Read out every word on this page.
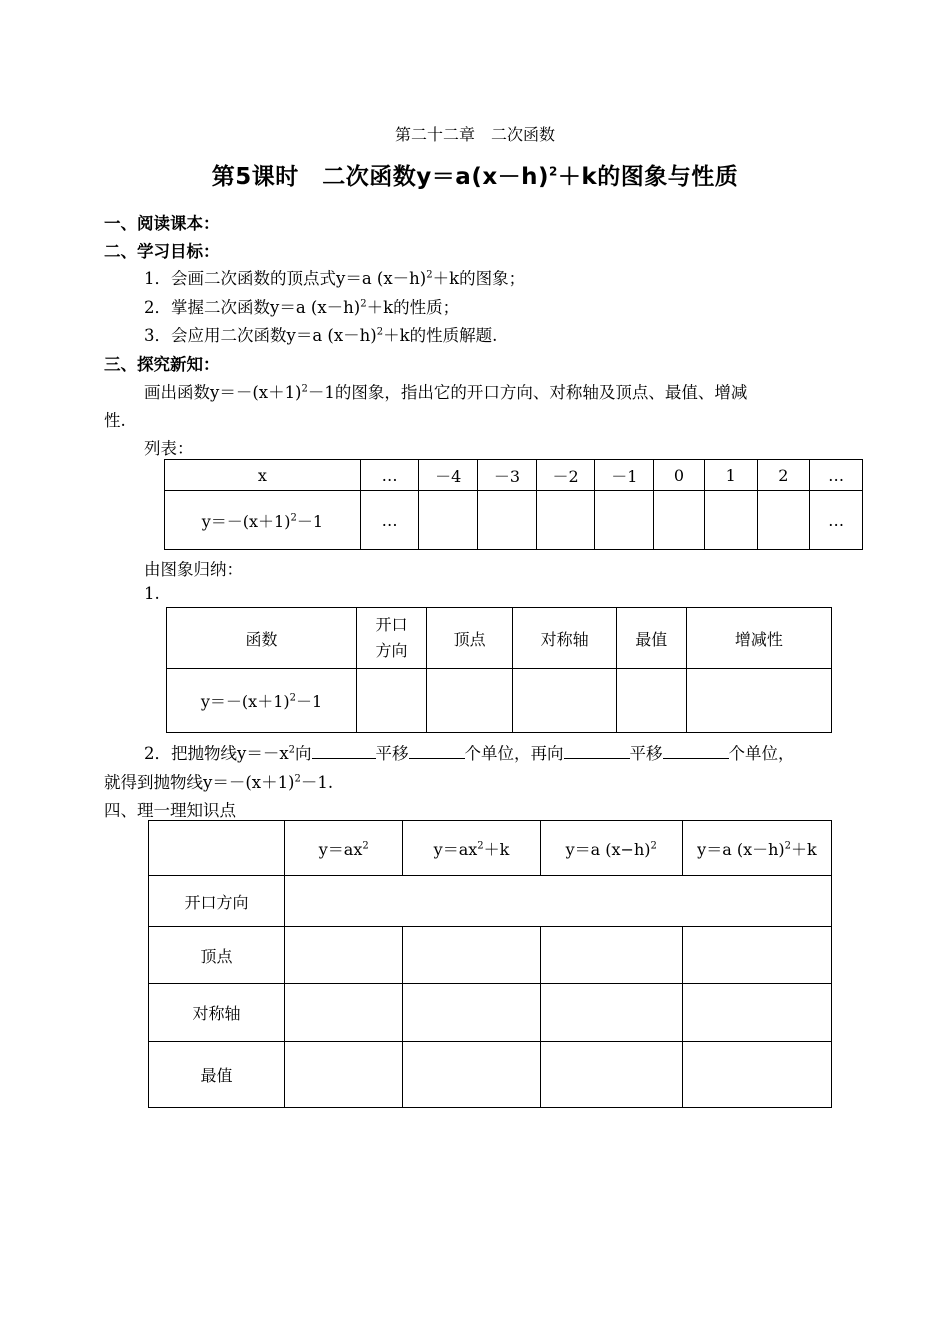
第二十二章　二次函数
第5课时　二次函数$y=a(x-h)^2+k$的图象与性质
一、阅读课本：
二、学习目标：
1．会画二次函数的顶点式y＝a $(x-h)^2+k$的图象；
2．掌握二次函数y＝a $(x-h)^2+k$的性质；
3．会应用二次函数y＝a $(x-h)^2+k$的性质解题.
三、探究新知：
画出函数$y=-(x+1)^2-1$的图象，指出它的开口方向、对称轴及顶点、最值、增减
性.
列表：
x	…	－4	－3	－2	－1	0	1	2	…
$y=-(x+1)^2-1$	…								…
由图象归纳：
1.
函数	开口
方向	顶点	对称轴	最值	增减性
$y=-(x+1)^2-1$					
2．把抛物线$y=-x^2$向	平移	个单位，再向	平移	个单位，
就得到抛物线$y=-(x+1)^2-1$.
四、理一理知识点
	$y=ax^2$	$y=ax^2+k$	y＝a $(x-h)^2$	y＝a $(x-h)^2+k$
开口方向				
顶点				
对称轴				
最值				
